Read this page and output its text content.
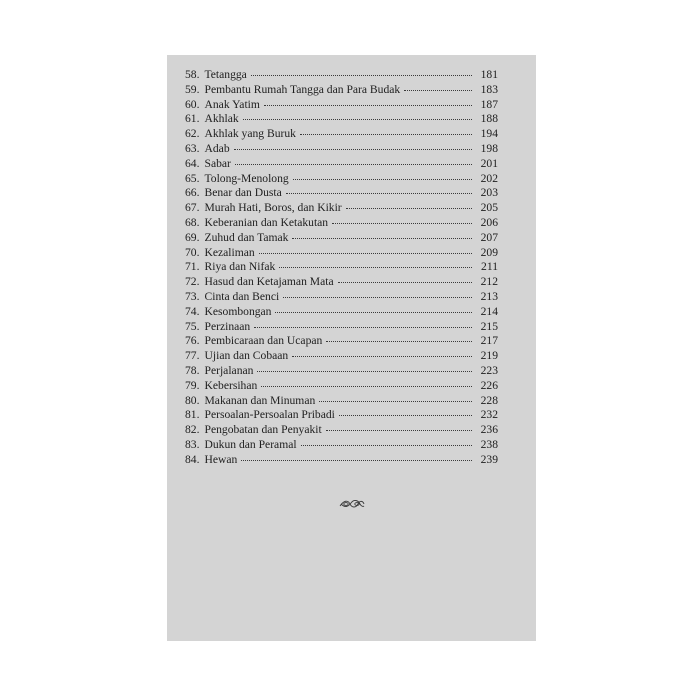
58. Tetangga	181
59. Pembantu Rumah Tangga dan Para Budak	183
60. Anak Yatim	187
61. Akhlak	188
62. Akhlak yang Buruk	194
63. Adab	198
64. Sabar	201
65. Tolong-Menolong	202
66. Benar dan Dusta	203
67. Murah Hati, Boros, dan Kikir	205
68. Keberanian dan Ketakutan	206
69. Zuhud dan Tamak	207
70. Kezaliman	209
71. Riya dan Nifak	211
72. Hasud dan Ketajaman Mata	212
73. Cinta dan Benci	213
74. Kesombongan	214
75. Perzinaan	215
76. Pembicaraan dan Ucapan	217
77. Ujian dan Cobaan	219
78. Perjalanan	223
79. Kebersihan	226
80. Makanan dan Minuman	228
81. Persoalan-Persoalan Pribadi	232
82. Pengobatan dan Penyakit	236
83. Dukun dan Peramal	238
84. Hewan	239
